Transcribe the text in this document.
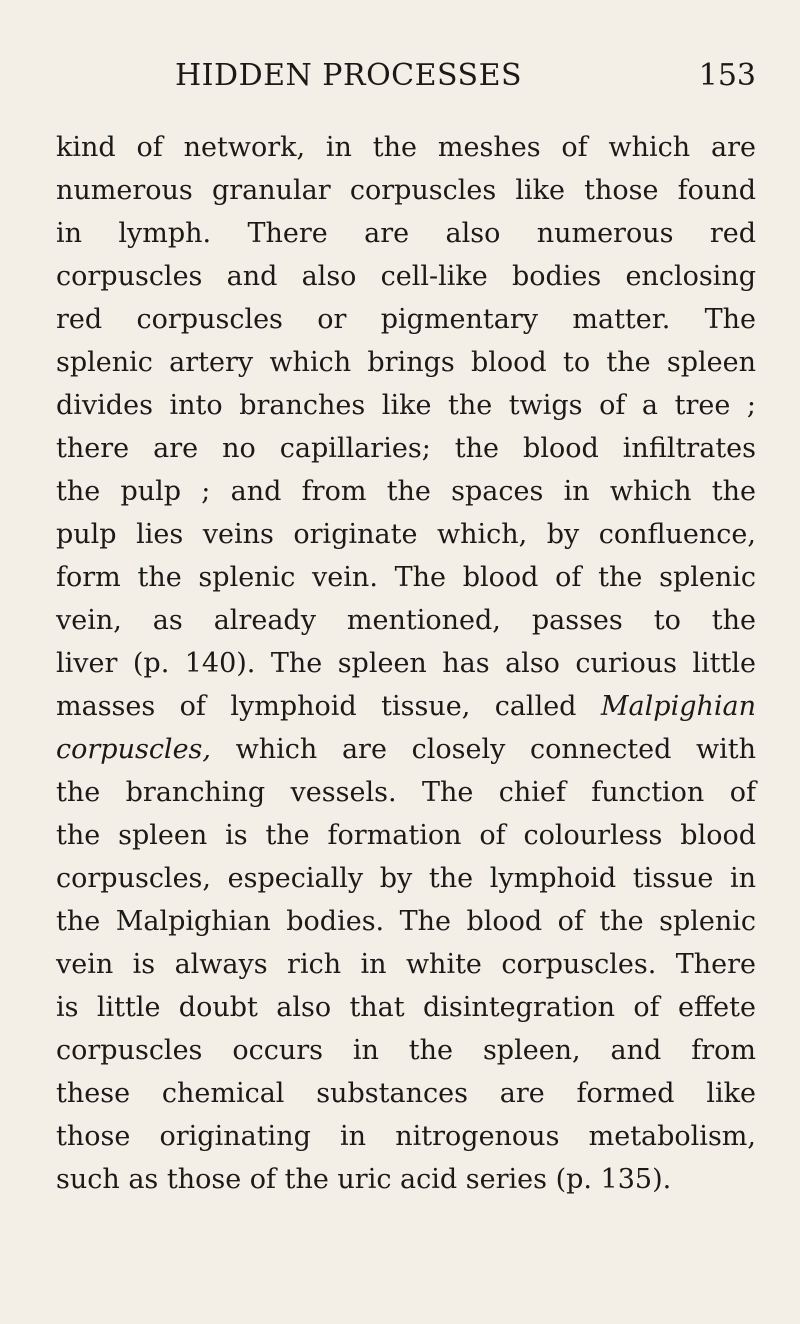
HIDDEN PROCESSES	153
kind of network, in the meshes of which are
numerous granular corpuscles like those found
in lymph. There are also numerous red
corpuscles and also cell-like bodies enclosing
red corpuscles or pigmentary matter. The
splenic artery which brings blood to the spleen
divides into branches like the twigs of a tree ;
there are no capillaries; the blood infiltrates
the pulp ; and from the spaces in which the
pulp lies veins originate which, by confluence,
form the splenic vein. The blood of the splenic
vein, as already mentioned, passes to the
liver (p. 140). The spleen has also curious little
masses of lymphoid tissue, called Malpighian
corpuscles, which are closely connected with
the branching vessels. The chief function of
the spleen is the formation of colourless blood
corpuscles, especially by the lymphoid tissue in
the Malpighian bodies. The blood of the splenic
vein is always rich in white corpuscles. There
is little doubt also that disintegration of effete
corpuscles occurs in the spleen, and from
these chemical substances are formed like
those originating in nitrogenous metabolism,
such as those of the uric acid series (p. 135).
